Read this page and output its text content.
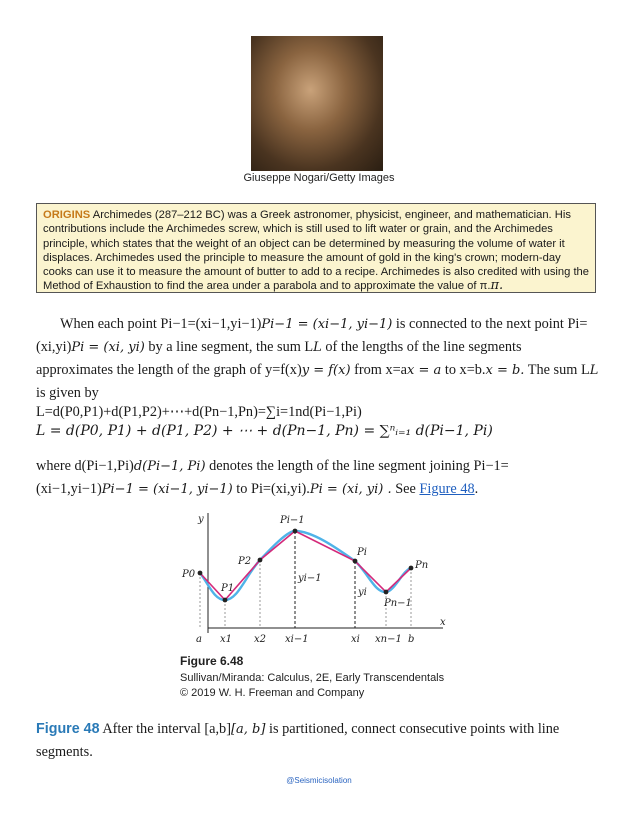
Giuseppe Nogari/Getty Images
ORIGINS Archimedes (287–212 BC) was a Greek astronomer, physicist, engineer, and mathematician. His contributions include the Archimedes screw, which is still used to lift water or grain, and the Archimedes principle, which states that the weight of an object can be determined by measuring the volume of water it displaces. Archimedes used the principle to measure the amount of gold in the king's crown; modern-day cooks can use it to measure the amount of butter to add to a recipe. Archimedes is also credited with using the Method of Exhaustion to find the area under a parabola and to approximate the value of π.π.
When each point Pi−1=(xi−1,yi−1)Pi−1 = (xi−1, yi−1) is connected to the next point Pi=(xi,yi)Pi = (xi, yi) by a line segment, the sum LL of the lengths of the line segments approximates the length of the graph of y=f(x)y = f(x) from x=ax = a to x=b.x = b. The sum LL is given by
L=d(P0,P1)+d(P1,P2)+⋯+d(Pn−1,Pn)=∑i=1nd(Pi−1,Pi)
L = d(P0, P1) + d(P1, P2) + ⋯ + d(Pn−1, Pn) = ∑ⁿᵢ₌₁ d(Pi−1, Pi)
where d(Pi−1,Pi)d(Pi−1, Pi) denotes the length of the line segment joining Pi−1=(xi−1,yi−1)Pi−1 = (xi−1, yi−1) to Pi=(xi,yi).Pi = (xi, yi) . See Figure 48.
y
x
P0
P1
P2
Pi−1
Pi
Pn−1
Pn
yi−1
yi
a x1 x2 xi−1	xi xn−1 b
Figure 6.48
Sullivan/Miranda: Calculus, 2E, Early Transcendentals
© 2019 W. H. Freeman and Company
Figure 48 After the interval [a,b][a, b] is partitioned, connect consecutive points with line segments.
@Seismicisolation
